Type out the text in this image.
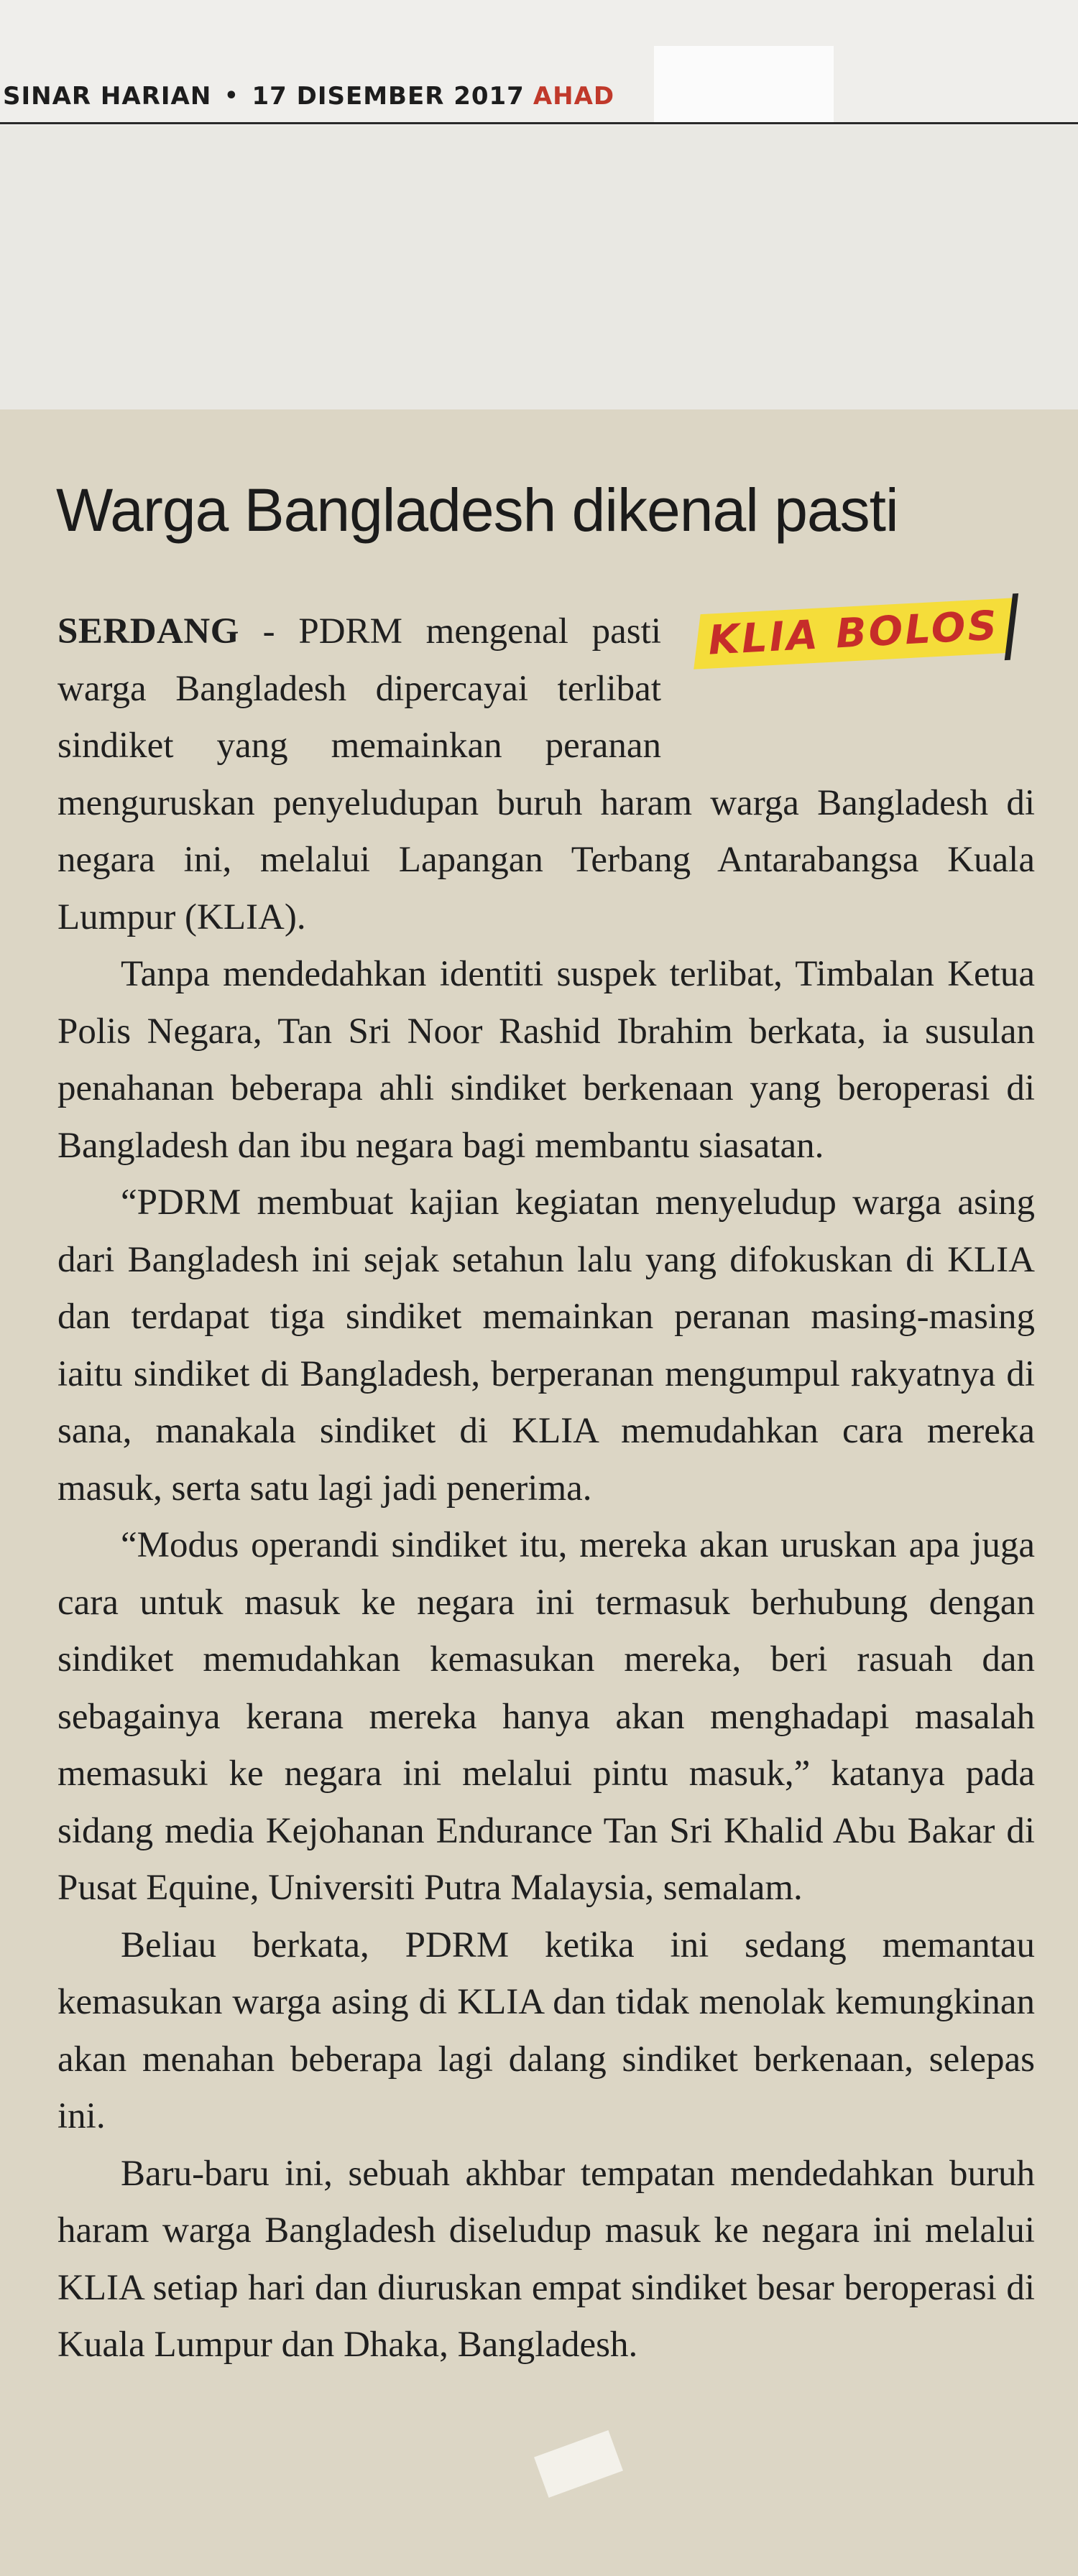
SINAR HARIAN • 17 DISEMBER 2017 AHAD
Warga Bangladesh dikenal pasti
KLIA BOLOS

SERDANG - PDRM mengenal pasti warga Bangladesh dipercayai terlibat sindiket yang memainkan peranan menguruskan penyeludupan buruh haram warga Bangladesh di negara ini, melalui Lapangan Terbang Antarabangsa Kuala Lumpur (KLIA).

Tanpa mendedahkan identiti suspek terlibat, Timbalan Ketua Polis Negara, Tan Sri Noor Rashid Ibrahim berkata, ia susulan penahanan beberapa ahli sindiket berkenaan yang beroperasi di Bangladesh dan ibu negara bagi membantu siasatan.

“PDRM membuat kajian kegiatan menyeludup warga asing dari Bangladesh ini sejak setahun lalu yang difokuskan di KLIA dan terdapat tiga sindiket memainkan peranan masing-masing iaitu sindiket di Bangladesh, berperanan mengumpul rakyatnya di sana, manakala sindiket di KLIA memudahkan cara mereka masuk, serta satu lagi jadi penerima.

“Modus operandi sindiket itu, mereka akan uruskan apa juga cara untuk masuk ke negara ini termasuk berhubung dengan sindiket memudahkan kemasukan mereka, beri rasuah dan sebagainya kerana mereka hanya akan menghadapi masalah memasuki ke negara ini melalui pintu masuk,” katanya pada sidang media Kejohanan Endurance Tan Sri Khalid Abu Bakar di Pusat Equine, Universiti Putra Malaysia, semalam.

Beliau berkata, PDRM ketika ini sedang memantau kemasukan warga asing di KLIA dan tidak menolak kemungkinan akan menahan beberapa lagi dalang sindiket berkenaan, selepas ini.

Baru-baru ini, sebuah akhbar tempatan mendedahkan buruh haram warga Bangladesh diseludup masuk ke negara ini melalui KLIA setiap hari dan diuruskan empat sindiket besar beroperasi di Kuala Lumpur dan Dhaka, Bangladesh.
